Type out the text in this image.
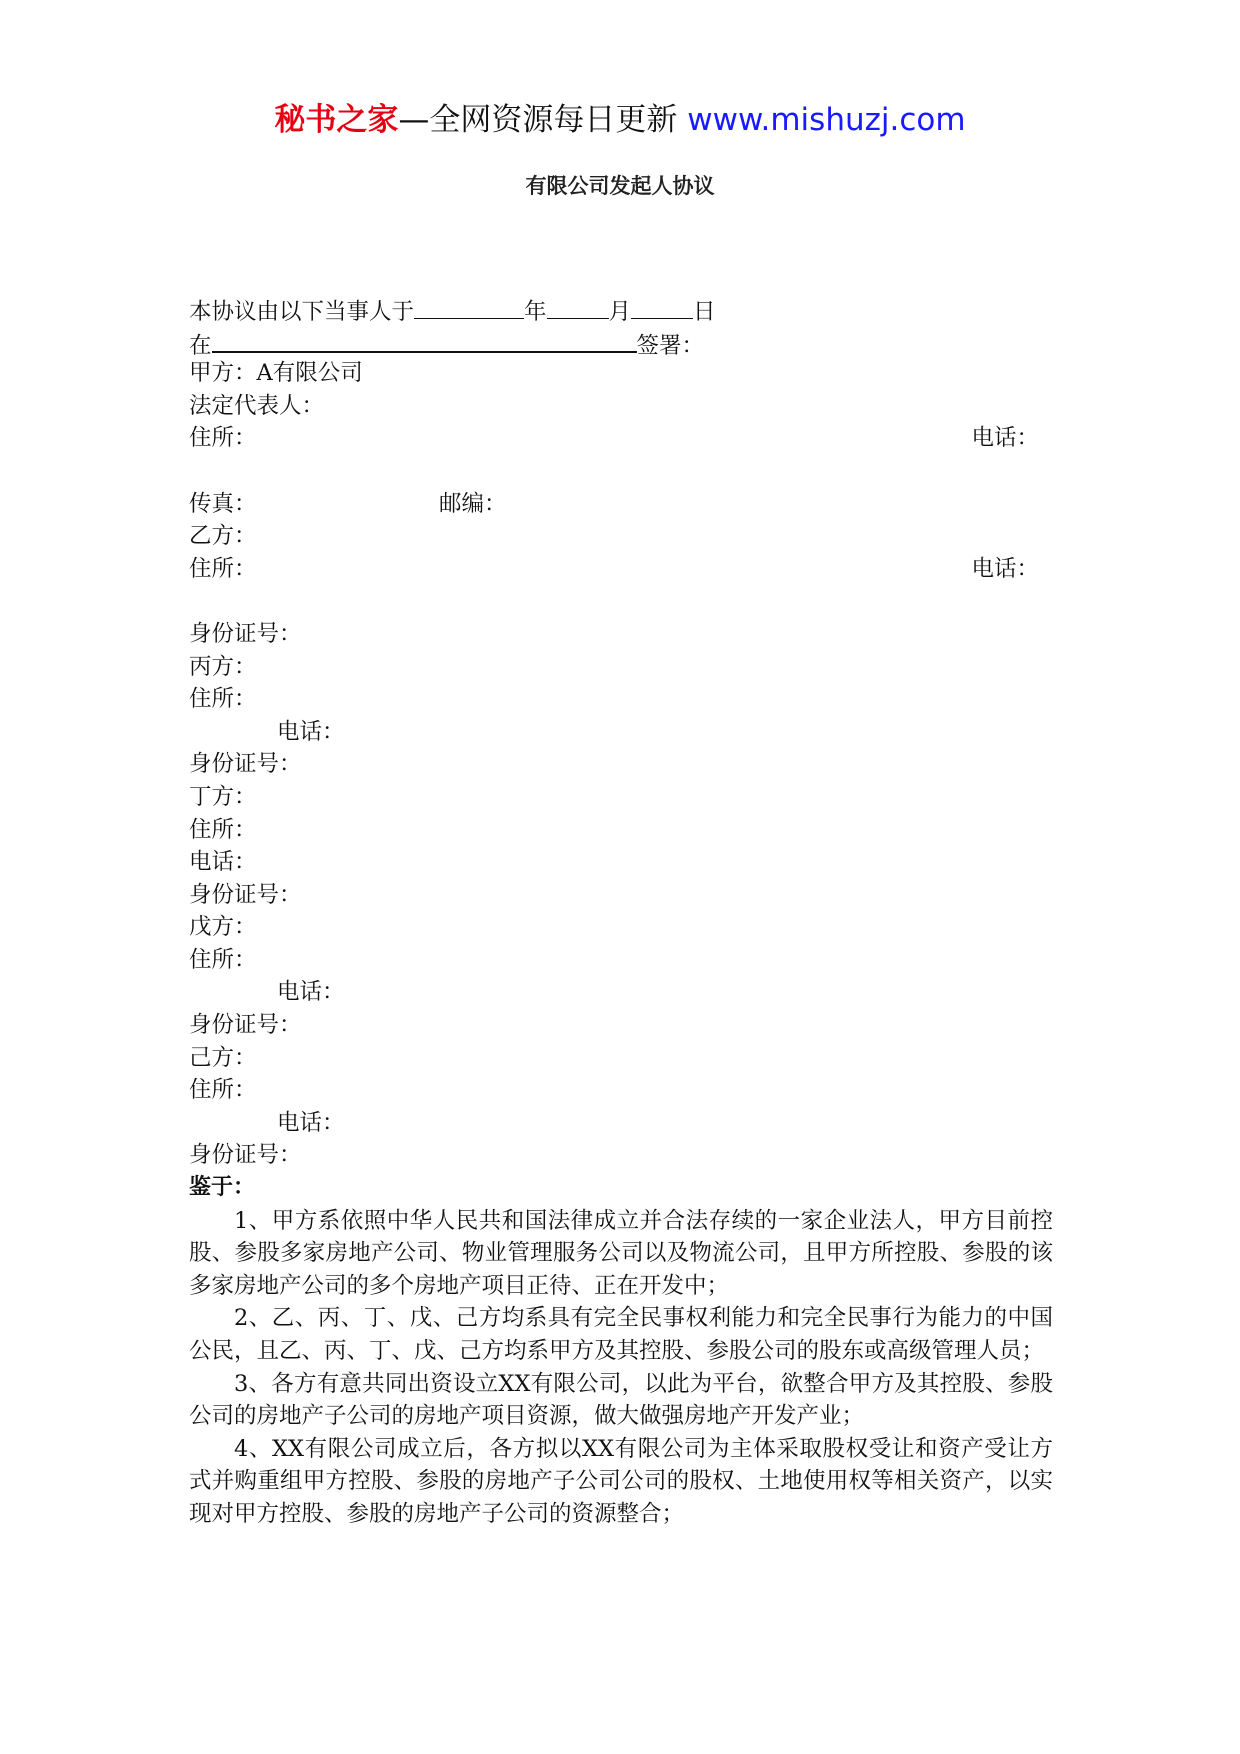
秘书之家—全网资源每日更新 www.mishuzj.com
有限公司发起人协议
本协议由以下当事人于	年	月	日
在	签署：
甲方：A有限公司
法定代表人：
住所：	电话：
传真：	邮编：
乙方：
住所：	电话：
身份证号：
丙方：
住所：
电话：
身份证号：
丁方：
住所：
电话：
身份证号：
戊方：
住所：
电话：
身份证号：
己方：
住所：
电话：
身份证号：
鉴于：
1、甲方系依照中华人民共和国法律成立并合法存续的一家企业法人，甲方目前控股、参股多家房地产公司、物业管理服务公司以及物流公司，且甲方所控股、参股的该多家房地产公司的多个房地产项目正待、正在开发中；
2、乙、丙、丁、戊、己方均系具有完全民事权利能力和完全民事行为能力的中国公民，且乙、丙、丁、戊、己方均系甲方及其控股、参股公司的股东或高级管理人员；
3、各方有意共同出资设立XX有限公司，以此为平台，欲整合甲方及其控股、参股公司的房地产子公司的房地产项目资源，做大做强房地产开发产业；
4、XX有限公司成立后，各方拟以XX有限公司为主体采取股权受让和资产受让方式并购重组甲方控股、参股的房地产子公司公司的股权、土地使用权等相关资产，以实现对甲方控股、参股的房地产子公司的资源整合；
